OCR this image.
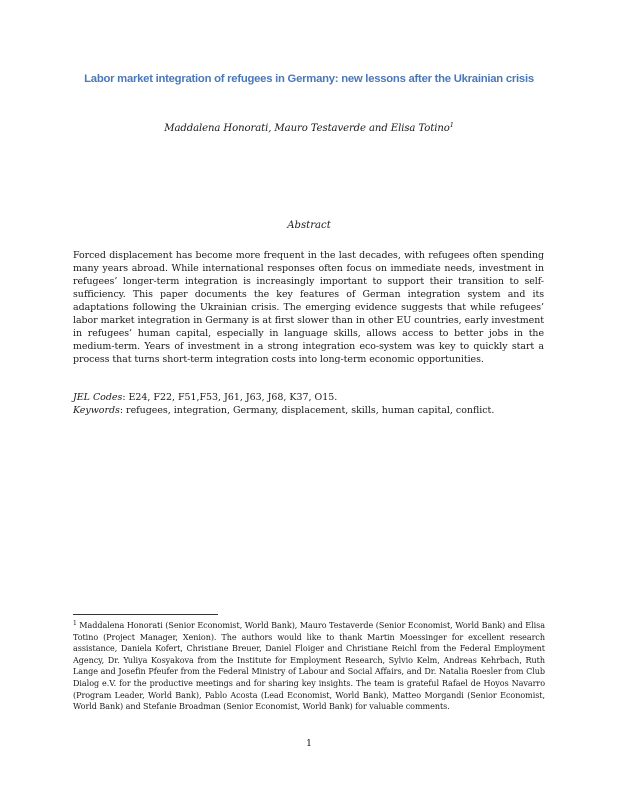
Labor market integration of refugees in Germany: new lessons after the Ukrainian crisis
Maddalena Honorati, Mauro Testaverde and Elisa Totino$^1$
Abstract
Forced displacement has become more frequent in the last decades, with refugees often spending many years abroad. While international responses often focus on immediate needs, investment in refugees’ longer-term integration is increasingly important to support their transition to self-sufficiency. This paper documents the key features of German integration system and its adaptations following the Ukrainian crisis. The emerging evidence suggests that while refugees’ labor market integration in Germany is at first slower than in other EU countries, early investment in refugees’ human capital, especially in language skills, allows access to better jobs in the medium-term. Years of investment in a strong integration eco-system was key to quickly start a process that turns short-term integration costs into long-term economic opportunities.
JEL Codes: E24, F22, F51,F53, J61, J63, J68, K37, O15.
Keywords: refugees, integration, Germany, displacement, skills, human capital, conflict.
$^1$ Maddalena Honorati (Senior Economist, World Bank), Mauro Testaverde (Senior Economist, World Bank) and Elisa Totino (Project Manager, Xenion). The authors would like to thank Martin Moessinger for excellent research assistance, Daniela Kofert, Christiane Breuer, Daniel Floiger and Christiane Reichl from the Federal Employment Agency, Dr. Yuliya Kosyakova from the Institute for Employment Research, Sylvio Kelm, Andreas Kehrbach, Ruth Lange and Josefin Pfeufer from the Federal Ministry of Labour and Social Affairs, and Dr. Natalia Roesler from Club Dialog e.V. for the productive meetings and for sharing key insights. The team is grateful Rafael de Hoyos Navarro (Program Leader, World Bank), Pablo Acosta (Lead Economist, World Bank), Matteo Morgandi (Senior Economist, World Bank) and Stefanie Broadman (Senior Economist, World Bank) for valuable comments.
1
